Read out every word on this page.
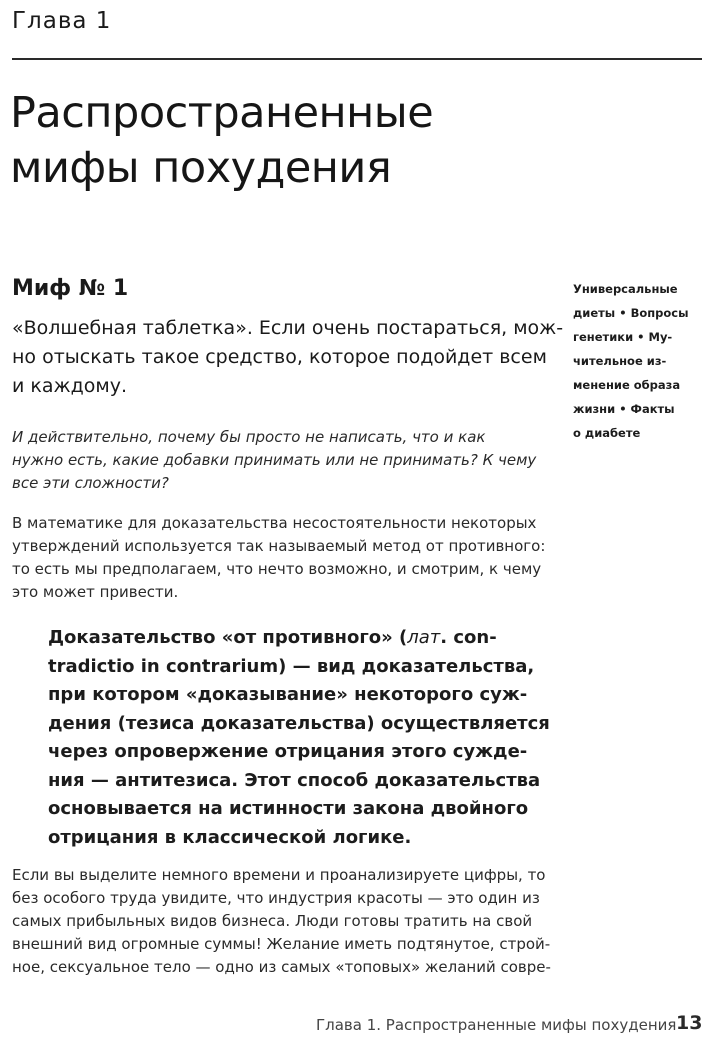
Глава 1
Распространенные
мифы похудения
Миф № 1
«Волшебная таблетка». Если очень постараться, мож-
но отыскать такое средство, которое подойдет всем
и каждому.
И действительно, почему бы просто не написать, что и как
нужно есть, какие добавки принимать или не принимать? К чему
все эти сложности?
В математике для доказательства несостоятельности некоторых
утверждений используется так называемый метод от противного:
то есть мы предполагаем, что нечто возможно, и смотрим, к чему
это может привести.
Доказательство «от противного» (лат. con-
tradictio in contrarium) — вид доказательства,
при котором «доказывание» некоторого суж-
дения (тезиса доказательства) осуществляется
через опровержение отрицания этого сужде-
ния — антитезиса. Этот способ доказательства
основывается на истинности закона двойного
отрицания в классической логике.
Если вы выделите немного времени и проанализируете цифры, то
без особого труда увидите, что индустрия красоты — это один из
самых прибыльных видов бизнеса. Люди готовы тратить на свой
внешний вид огромные суммы! Желание иметь подтянутое, строй-
ное, сексуальное тело — одно из самых «топовых» желаний совре-
Универсальные
диеты • Вопросы
генетики • Му-
чительное из-
менение образа
жизни • Факты
о диабете
Глава 1. Распространенные мифы похудения 13
